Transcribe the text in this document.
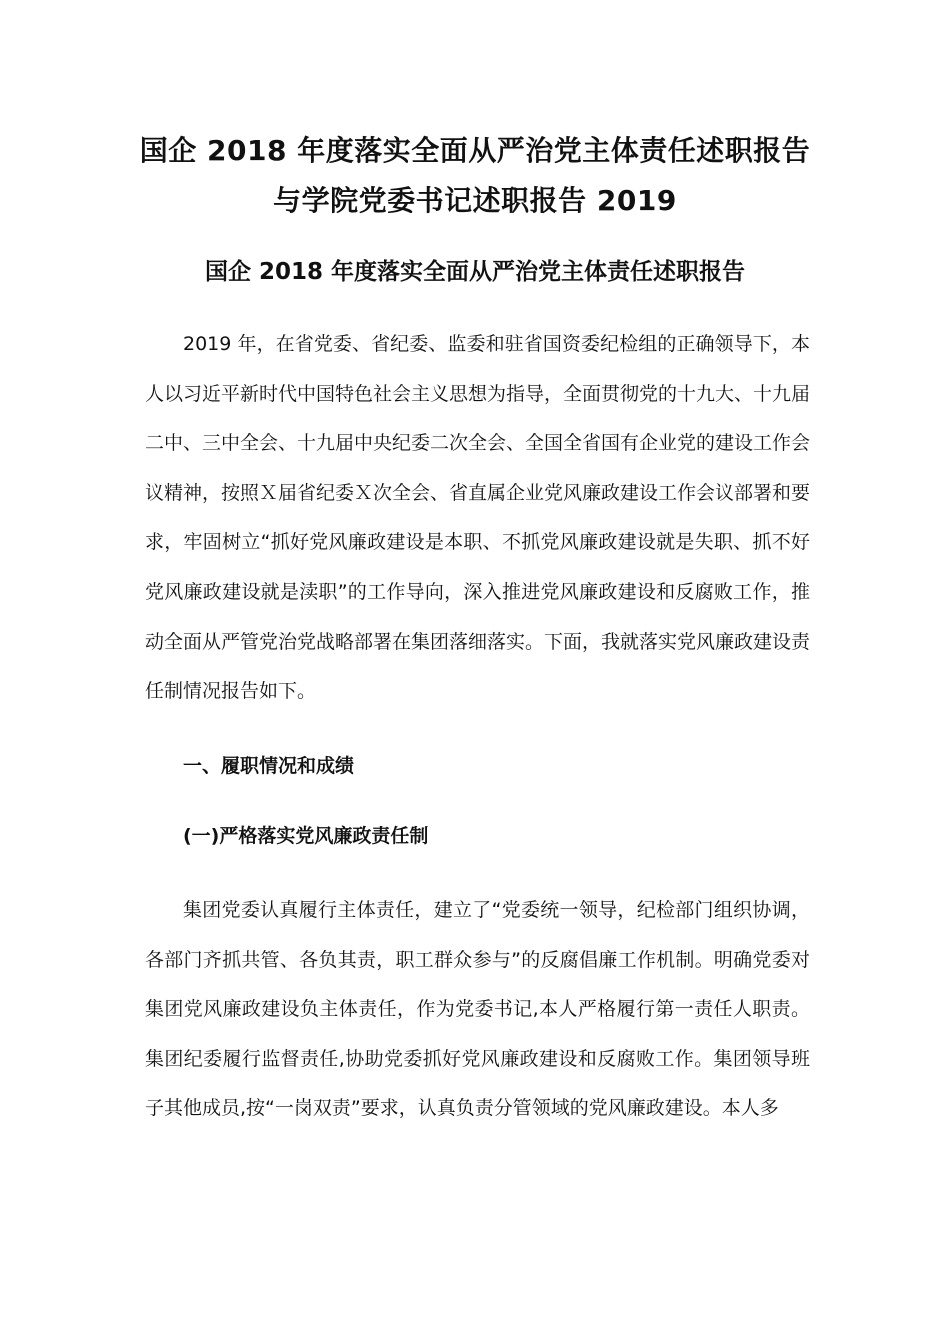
国企 2018 年度落实全面从严治党主体责任述职报告
与学院党委书记述职报告 2019
国企 2018 年度落实全面从严治党主体责任述职报告

2019 年，在省党委、省纪委、监委和驻省国资委纪检组的正确领导下，本人以习近平新时代中国特色社会主义思想为指导，全面贯彻党的十九大、十九届二中、三中全会、十九届中央纪委二次全会、全国全省国有企业党的建设工作会议精神，按照Ｘ届省纪委Ｘ次全会、省直属企业党风廉政建设工作会议部署和要求，牢固树立“抓好党风廉政建设是本职、不抓党风廉政建设就是失职、抓不好党风廉政建设就是渎职”的工作导向，深入推进党风廉政建设和反腐败工作，推动全面从严管党治党战略部署在集团落细落实。下面，我就落实党风廉政建设责任制情况报告如下。

一、履职情况和成绩

(一)严格落实党风廉政责任制

集团党委认真履行主体责任，建立了“党委统一领导，纪检部门组织协调，各部门齐抓共管、各负其责，职工群众参与”的反腐倡廉工作机制。明确党委对集团党风廉政建设负主体责任，作为党委书记,本人严格履行第一责任人职责。集团纪委履行监督责任,协助党委抓好党风廉政建设和反腐败工作。集团领导班子其他成员,按“一岗双责”要求，认真负责分管领域的党风廉政建设。本人多
